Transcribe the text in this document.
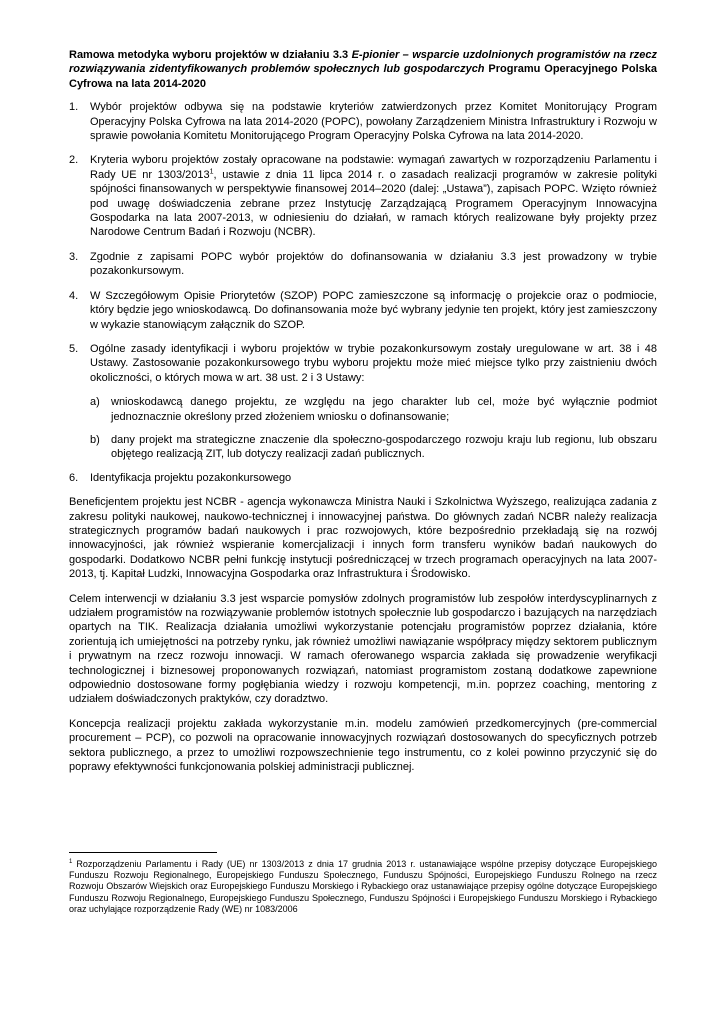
Ramowa metodyka wyboru projektów w działaniu 3.3 E-pionier – wsparcie uzdolnionych programistów na rzecz rozwiązywania zidentyfikowanych problemów społecznych lub gospodarczych Programu Operacyjnego Polska Cyfrowa na lata 2014-2020

1. Wybór projektów odbywa się na podstawie kryteriów zatwierdzonych przez Komitet Monitorujący Program Operacyjny Polska Cyfrowa na lata 2014-2020 (POPC), powołany Zarządzeniem Ministra Infrastruktury i Rozwoju w sprawie powołania Komitetu Monitorującego Program Operacyjny Polska Cyfrowa na lata 2014-2020.
2. Kryteria wyboru projektów zostały opracowane na podstawie: wymagań zawartych w rozporządzeniu Parlamentu i Rady UE nr 1303/2013$^1$, ustawie z dnia 11 lipca 2014 r. o zasadach realizacji programów w zakresie polityki spójności finansowanych w perspektywie finansowej 2014–2020 (dalej: „Ustawa”), zapisach POPC. Wzięto również pod uwagę doświadczenia zebrane przez Instytucję Zarządzającą Programem Operacyjnym Innowacyjna Gospodarka na lata 2007-2013, w odniesieniu do działań, w ramach których realizowane były projekty przez Narodowe Centrum Badań i Rozwoju (NCBR).
3. Zgodnie z zapisami POPC wybór projektów do dofinansowania w działaniu 3.3 jest prowadzony w trybie pozakonkursowym.
4. W Szczegółowym Opisie Priorytetów (SZOP) POPC zamieszczone są informację o projekcie oraz o podmiocie, który będzie jego wnioskodawcą. Do dofinansowania może być wybrany jedynie ten projekt, który jest zamieszczony w wykazie stanowiącym załącznik do SZOP.
5. Ogólne zasady identyfikacji i wyboru projektów w trybie pozakonkursowym zostały uregulowane w art. 38 i 48 Ustawy. Zastosowanie pozakonkursowego trybu wyboru projektu może mieć miejsce tylko przy zaistnieniu dwóch okoliczności, o których mowa w art. 38 ust. 2 i 3 Ustawy:
a) wnioskodawcą danego projektu, ze względu na jego charakter lub cel, może być wyłącznie podmiot jednoznacznie określony przed złożeniem wniosku o dofinansowanie;
b) dany projekt ma strategiczne znaczenie dla społeczno-gospodarczego rozwoju kraju lub regionu, lub obszaru objętego realizacją ZIT, lub dotyczy realizacji zadań publicznych.
6. Identyfikacja projektu pozakonkursowego

Beneficjentem projektu jest NCBR - agencja wykonawcza Ministra Nauki i Szkolnictwa Wyższego, realizująca zadania z zakresu polityki naukowej, naukowo-technicznej i innowacyjnej państwa. Do głównych zadań NCBR należy realizacja strategicznych programów badań naukowych i prac rozwojowych, które bezpośrednio przekładają się na rozwój innowacyjności, jak również wspieranie komercjalizacji i innych form transferu wyników badań naukowych do gospodarki. Dodatkowo NCBR pełni funkcję instytucji pośredniczącej w trzech programach operacyjnych na lata 2007-2013, tj. Kapitał Ludzki, Innowacyjna Gospodarka oraz Infrastruktura i Środowisko.

Celem interwencji w działaniu 3.3 jest wsparcie pomysłów zdolnych programistów lub zespołów interdyscyplinarnych z udziałem programistów na rozwiązywanie problemów istotnych społecznie lub gospodarczo i bazujących na narzędziach opartych na TIK. Realizacja działania umożliwi wykorzystanie potencjału programistów poprzez działania, które zorientują ich umiejętności na potrzeby rynku, jak również umożliwi nawiązanie współpracy między sektorem publicznym i prywatnym na rzecz rozwoju innowacji. W ramach oferowanego wsparcia zakłada się prowadzenie weryfikacji technologicznej i biznesowej proponowanych rozwiązań, natomiast programistom zostaną dodatkowe zapewnione odpowiednio dostosowane formy pogłębiania wiedzy i rozwoju kompetencji, m.in. poprzez coaching, mentoring z udziałem doświadczonych praktyków, czy doradztwo.

Koncepcja realizacji projektu zakłada wykorzystanie m.in. modelu zamówień przedkomercyjnych (pre-commercial procurement – PCP), co pozwoli na opracowanie innowacyjnych rozwiązań dostosowanych do specyficznych potrzeb sektora publicznego, a przez to umożliwi rozpowszechnienie tego instrumentu, co z kolei powinno przyczynić się do poprawy efektywności funkcjonowania polskiej administracji publicznej.

$^1$ Rozporządzeniu Parlamentu i Rady (UE) nr 1303/2013 z dnia 17 grudnia 2013 r. ustanawiające wspólne przepisy dotyczące Europejskiego Funduszu Rozwoju Regionalnego, Europejskiego Funduszu Społecznego, Funduszu Spójności, Europejskiego Funduszu Rolnego na rzecz Rozwoju Obszarów Wiejskich oraz Europejskiego Funduszu Morskiego i Rybackiego oraz ustanawiające przepisy ogólne dotyczące Europejskiego Funduszu Rozwoju Regionalnego, Europejskiego Funduszu Społecznego, Funduszu Spójności i Europejskiego Funduszu Morskiego i Rybackiego oraz uchylające rozporządzenie Rady (WE) nr 1083/2006
